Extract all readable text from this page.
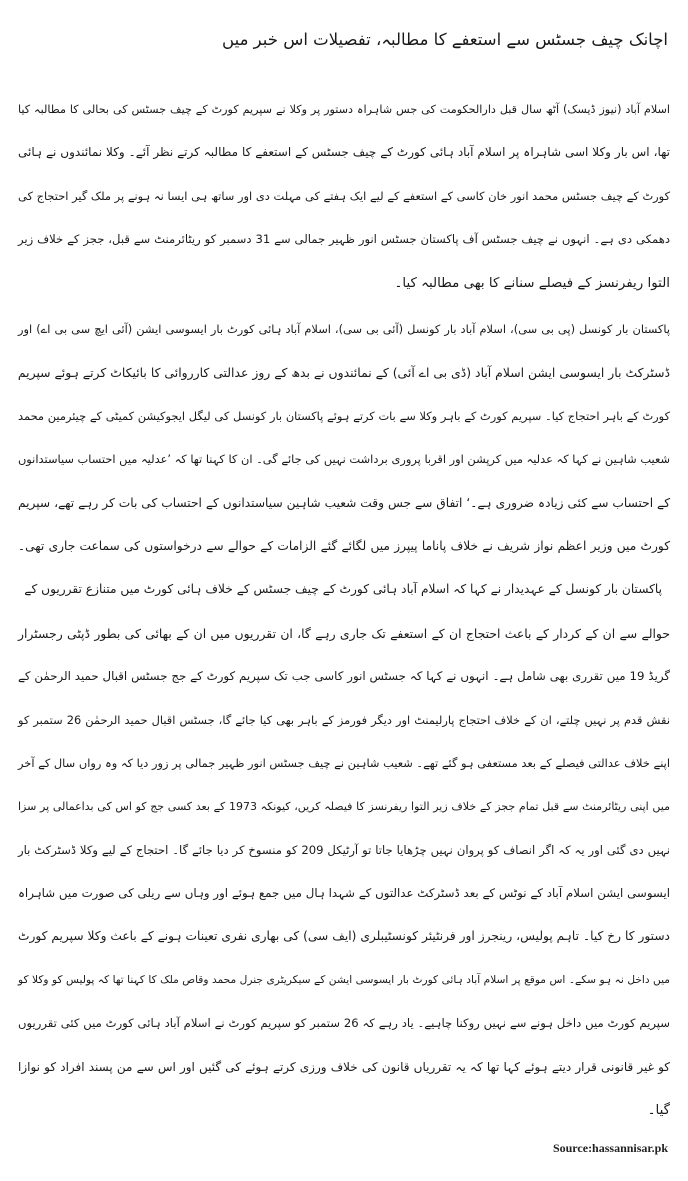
اچانک چیف جسٹس سے استعفے کا مطالبہ، تفصیلات اس خبر میں
اسلام آباد (نیوز ڈیسک) آٹھ سال قبل دارالحکومت کی جس شاہراہ دستور پر وکلا نے سپریم کورٹ کے چیف جسٹس کی بحالی کا مطالبہ کیا
تھا، اس بار وکلا اسی شاہراہ پر اسلام آباد ہائی کورٹ کے چیف جسٹس کے استعفے کا مطالبہ کرتے نظر آئے۔ وکلا نمائندوں نے ہائی
کورٹ کے چیف جسٹس محمد انور خان کاسی کے استعفے کے لیے ایک ہفتے کی مہلت دی اور ساتھ ہی ایسا نہ ہونے پر ملک گیر احتجاج کی
دھمکی دی ہے۔ انہوں نے چیف جسٹس آف پاکستان جسٹس انور ظہیر جمالی سے 31 دسمبر کو ریٹائرمنٹ سے قبل، ججز کے خلاف زیر
التوا ریفرنسز کے فیصلے سنانے کا بھی مطالبہ کیا۔
پاکستان بار کونسل (پی بی سی)، اسلام آباد بار کونسل (آئی بی سی)، اسلام آباد ہائی کورٹ بار ایسوسی ایشن (آئی ایچ سی بی اے) اور
ڈسٹرکٹ بار ایسوسی ایشن اسلام آباد (ڈی بی اے آئی) کے نمائندوں نے بدھ کے روز عدالتی کارروائی کا بائیکاٹ کرتے ہوئے سپریم
کورٹ کے باہر احتجاج کیا۔ سپریم کورٹ کے باہر وکلا سے بات کرتے ہوئے پاکستان بار کونسل کی لیگل ایجوکیشن کمیٹی کے چیئرمین محمد
شعیب شاہین نے کہا کہ عدلیہ میں کرپشن اور اقربا پروری برداشت نہیں کی جائے گی۔ ان کا کہنا تھا کہ ’عدلیہ میں احتساب سیاستدانوں
کے احتساب سے کئی زیادہ ضروری ہے۔‘ اتفاق سے جس وقت شعیب شاہین سیاستدانوں کے احتساب کی بات کر رہے تھے، سپریم
کورٹ میں وزیر اعظم نواز شریف نے خلاف پاناما پیپرز میں لگائے گئے الزامات کے حوالے سے درخواستوں کی سماعت جاری تھی۔
پاکستان بار کونسل کے عہدیدار نے کہا کہ اسلام آباد ہائی کورٹ کے چیف جسٹس کے خلاف ہائی کورٹ میں متنازع تقرریوں کے
حوالے سے ان کے کردار کے باعث احتجاج ان کے استعفے تک جاری رہے گا، ان تقرریوں میں ان کے بھائی کی بطور ڈپٹی رجسٹرار
گریڈ 19 میں تقرری بھی شامل ہے۔ انہوں نے کہا کہ جسٹس انور کاسی جب تک سپریم کورٹ کے جج جسٹس اقبال حمید الرحمٰن کے
نقش قدم پر نہیں چلتے، ان کے خلاف احتجاج پارلیمنٹ اور دیگر فورمز کے باہر بھی کیا جائے گا، جسٹس اقبال حمید الرحمٰن 26 ستمبر کو
اپنے خلاف عدالتی فیصلے کے بعد مستعفی ہو گئے تھے۔ شعیب شاہین نے چیف جسٹس انور ظہیر جمالی پر زور دیا کہ وہ رواں سال کے آخر
میں اپنی ریٹائرمنٹ سے قبل تمام ججز کے خلاف زیر التوا ریفرنسز کا فیصلہ کریں، کیونکہ 1973 کے بعد کسی جج کو اس کی بداعمالی پر سزا
نہیں دی گئی اور یہ کہ اگر انصاف کو پروان نہیں چڑھایا جاتا تو آرٹیکل 209 کو منسوخ کر دیا جائے گا۔ احتجاج کے لیے وکلا ڈسٹرکٹ بار
ایسوسی ایشن اسلام آباد کے نوٹس کے بعد ڈسٹرکٹ عدالتوں کے شہدا ہال میں جمع ہوئے اور وہاں سے ریلی کی صورت میں شاہراہ
دستور کا رخ کیا۔ تاہم پولیس، رینجرز اور فرنٹیئر کونسٹیبلری (ایف سی) کی بھاری نفری تعینات ہونے کے باعث وکلا سپریم کورٹ
میں داخل نہ ہو سکے۔ اس موقع پر اسلام آباد ہائی کورٹ بار ایسوسی ایشن کے سیکریٹری جنرل محمد وقاص ملک کا کہنا تھا کہ پولیس کو وکلا کو
سپریم کورٹ میں داخل ہونے سے نہیں روکنا چاہیے۔ یاد رہے کہ 26 ستمبر کو سپریم کورٹ نے اسلام آباد ہائی کورٹ میں کئی تقرریوں
کو غیر قانونی قرار دیتے ہوئے کہا تھا کہ یہ تقرریاں قانون کی خلاف ورزی کرتے ہوئے کی گئیں اور اس سے من پسند افراد کو نوازا
گیا۔
Source:hassannisar.pk
